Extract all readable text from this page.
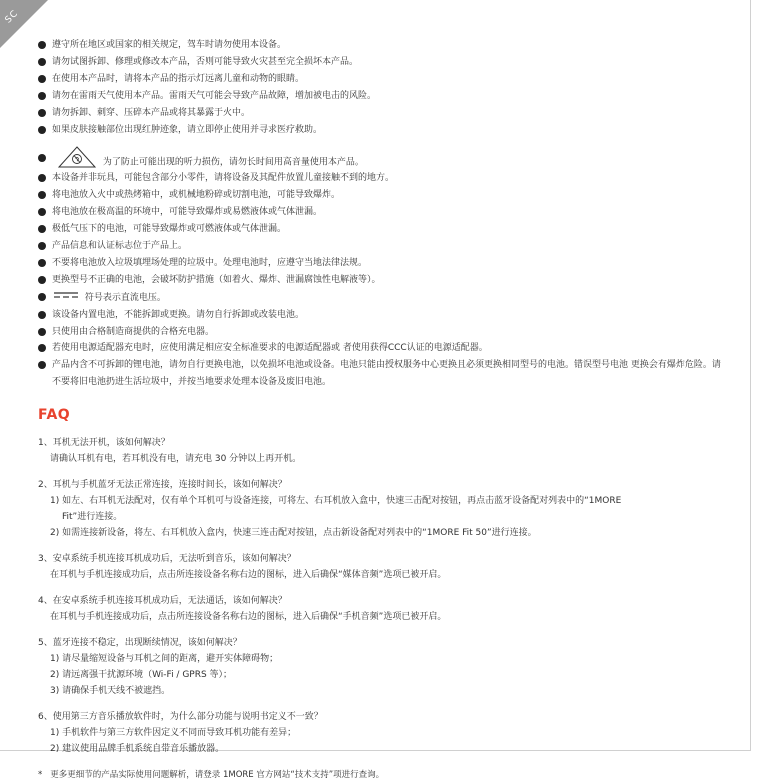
SC
遵守所在地区或国家的相关规定，驾车时请勿使用本设备。
请勿试图拆卸、修理或修改本产品，否则可能导致火灾甚至完全损坏本产品。
在使用本产品时，请将本产品的指示灯远离儿童和动物的眼睛。
请勿在雷雨天气使用本产品。雷雨天气可能会导致产品故障，增加被电击的风险。
请勿拆卸、刺穿、压碎本产品或将其暴露于火中。
如果皮肤接触部位出现红肿迹象，请立即停止使用并寻求医疗救助。
为了防止可能出现的听力损伤，请勿长时间用高音量使用本产品。
本设备并非玩具，可能包含部分小零件，请将设备及其配件放置儿童接触不到的地方。
将电池放入火中或热烤箱中，或机械地粉碎或切割电池，可能导致爆炸。
将电池放在极高温的环境中，可能导致爆炸或易燃液体或气体泄漏。
极低气压下的电池，可能导致爆炸或可燃液体或气体泄漏。
产品信息和认证标志位于产品上。
不要将电池放入垃圾填埋场处理的垃圾中。处理电池时，应遵守当地法律法规。
更换型号不正确的电池，会破坏防护措施（如着火、爆炸、泄漏腐蚀性电解液等）。
符号表示直流电压。
该设备内置电池，不能拆卸或更换。请勿自行拆卸或改装电池。
只使用由合格制造商提供的合格充电器。
若使用电源适配器充电时，应使用满足相应安全标准要求的电源适配器或 者使用获得CCC认证的电源适配器。
产品内含不可拆卸的锂电池，请勿自行更换电池，以免损坏电池或设备。电池只能由授权服务中心更换且必须更换相同型号的电池。错误型号电池 更换会有爆炸危险。请不要将旧电池扔进生活垃圾中，并按当地要求处理本设备及废旧电池。
FAQ
1、耳机无法开机，该如何解决？
请确认耳机有电，若耳机没有电，请充电 30 分钟以上再开机。
2、耳机与手机蓝牙无法正常连接，连接时间长，该如何解决？
1) 如左、右耳机无法配对，仅有单个耳机可与设备连接，可将左、右耳机放入盒中，快速三击配对按钮，再点击蓝牙设备配对列表中的“1MORE
Fit”进行连接。
2) 如需连接新设备，将左、右耳机放入盒内，快速三连击配对按钮，点击新设备配对列表中的“1MORE Fit 50”进行连接。
3、安卓系统手机连接耳机成功后，无法听到音乐，该如何解决？
在耳机与手机连接成功后，点击所连接设备名称右边的图标，进入后确保“媒体音频”选项已被开启。
4、在安卓系统手机连接耳机成功后，无法通话，该如何解决？
在耳机与手机连接成功后，点击所连接设备名称右边的图标，进入后确保“手机音频”选项已被开启。
5、蓝牙连接不稳定，出现断续情况，该如何解决？
1) 请尽量缩短设备与耳机之间的距离，避开实体障碍物；
2) 请远离强干扰源环境（Wi-Fi / GPRS 等）；
3) 请确保手机天线不被遮挡。
6、使用第三方音乐播放软件时，为什么部分功能与说明书定义不一致？
1) 手机软件与第三方软件因定义不同而导致耳机功能有差异；
2) 建议使用品牌手机系统自带音乐播放器。
* 更多更细节的产品实际使用问题解析，请登录 1MORE 官方网站“技术支持”项进行查询。
